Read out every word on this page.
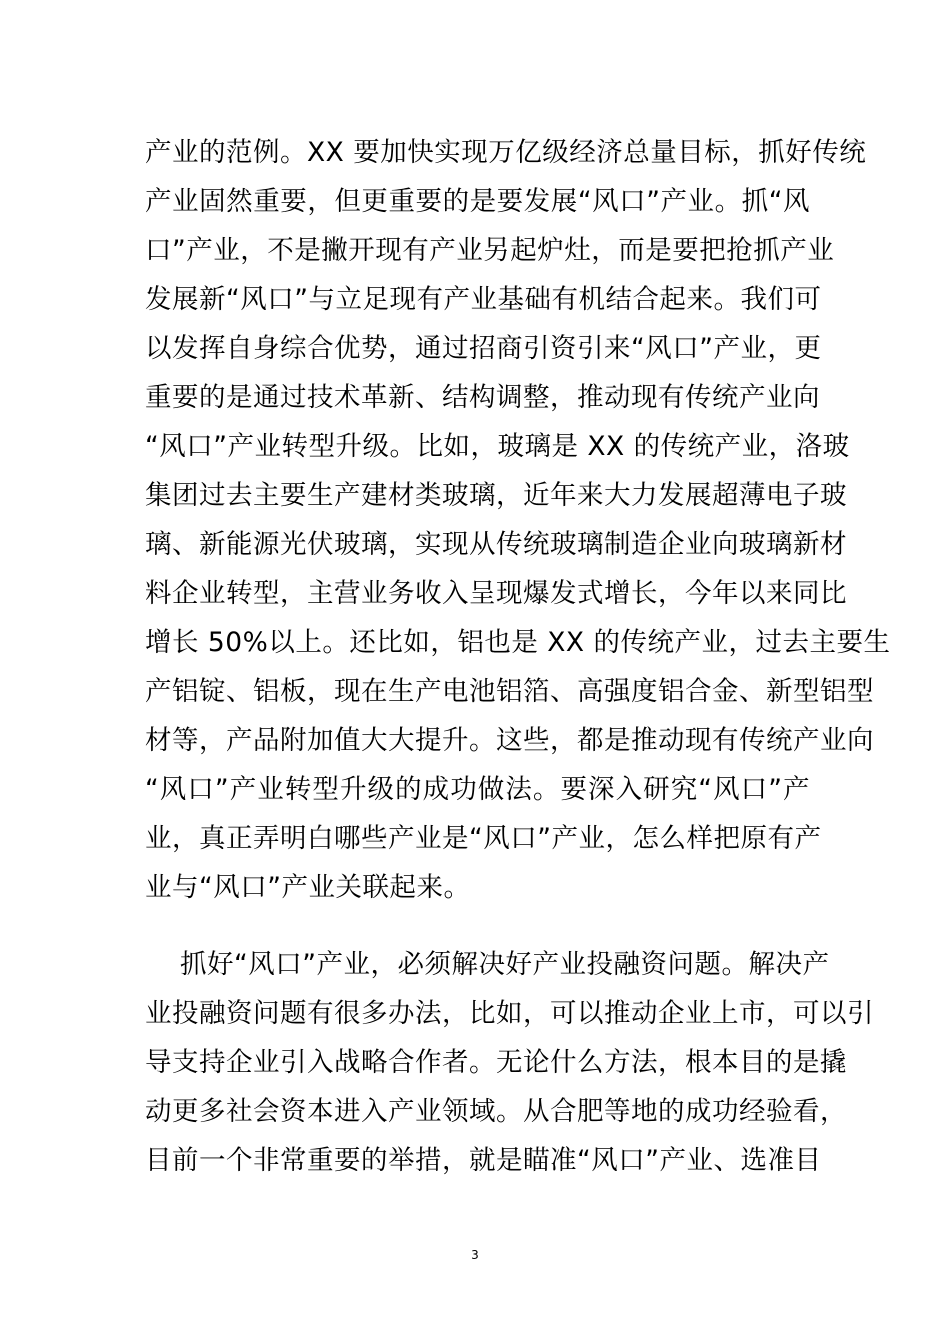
产业的范例。XX 要加快实现万亿级经济总量目标，抓好传统
产业固然重要，但更重要的是要发展“风口”产业。抓“风
口”产业，不是撇开现有产业另起炉灶，而是要把抢抓产业
发展新“风口”与立足现有产业基础有机结合起来。我们可
以发挥自身综合优势，通过招商引资引来“风口”产业，更
重要的是通过技术革新、结构调整，推动现有传统产业向
“风口”产业转型升级。比如，玻璃是 XX 的传统产业，洛玻
集团过去主要生产建材类玻璃，近年来大力发展超薄电子玻
璃、新能源光伏玻璃，实现从传统玻璃制造企业向玻璃新材
料企业转型，主营业务收入呈现爆发式增长，今年以来同比
增长 50%以上。还比如，铝也是 XX 的传统产业，过去主要生
产铝锭、铝板，现在生产电池铝箔、高强度铝合金、新型铝型
材等，产品附加值大大提升。这些，都是推动现有传统产业向
“风口”产业转型升级的成功做法。要深入研究“风口”产
业，真正弄明白哪些产业是“风口”产业，怎么样把原有产
业与“风口”产业关联起来。
抓好“风口”产业，必须解决好产业投融资问题。解决产
业投融资问题有很多办法，比如，可以推动企业上市，可以引
导支持企业引入战略合作者。无论什么方法，根本目的是撬
动更多社会资本进入产业领域。从合肥等地的成功经验看，
目前一个非常重要的举措，就是瞄准“风口”产业、选准目
3
